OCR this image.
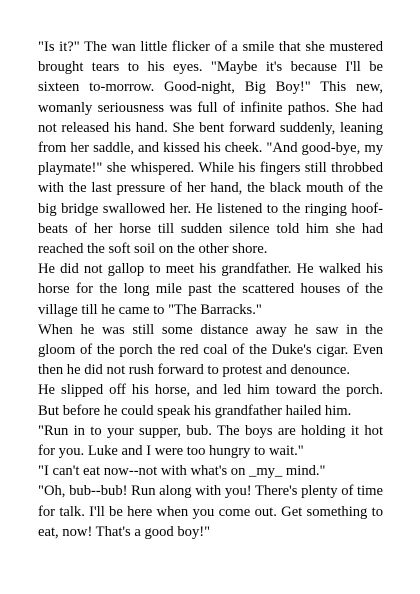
"Is it?" The wan little flicker of a smile that she mustered brought tears to his eyes. "Maybe it's because I'll be sixteen to-morrow. Good-night, Big Boy!" This new, womanly seriousness was full of infinite pathos. She had not released his hand. She bent forward suddenly, leaning from her saddle, and kissed his cheek. "And good-bye, my playmate!" she whispered. While his fingers still throbbed with the last pressure of her hand, the black mouth of the big bridge swallowed her. He listened to the ringing hoof-beats of her horse till sudden silence told him she had reached the soft soil on the other shore.

He did not gallop to meet his grandfather. He walked his horse for the long mile past the scattered houses of the village till he came to "The Barracks."

When he was still some distance away he saw in the gloom of the porch the red coal of the Duke's cigar. Even then he did not rush forward to protest and denounce.

He slipped off his horse, and led him toward the porch. But before he could speak his grandfather hailed him.

"Run in to your supper, bub. The boys are holding it hot for you. Luke and I were too hungry to wait."

"I can't eat now--not with what's on _my_ mind."

"Oh, bub--bub! Run along with you! There's plenty of time for talk. I'll be here when you come out. Get something to eat, now! That's a good boy!"
